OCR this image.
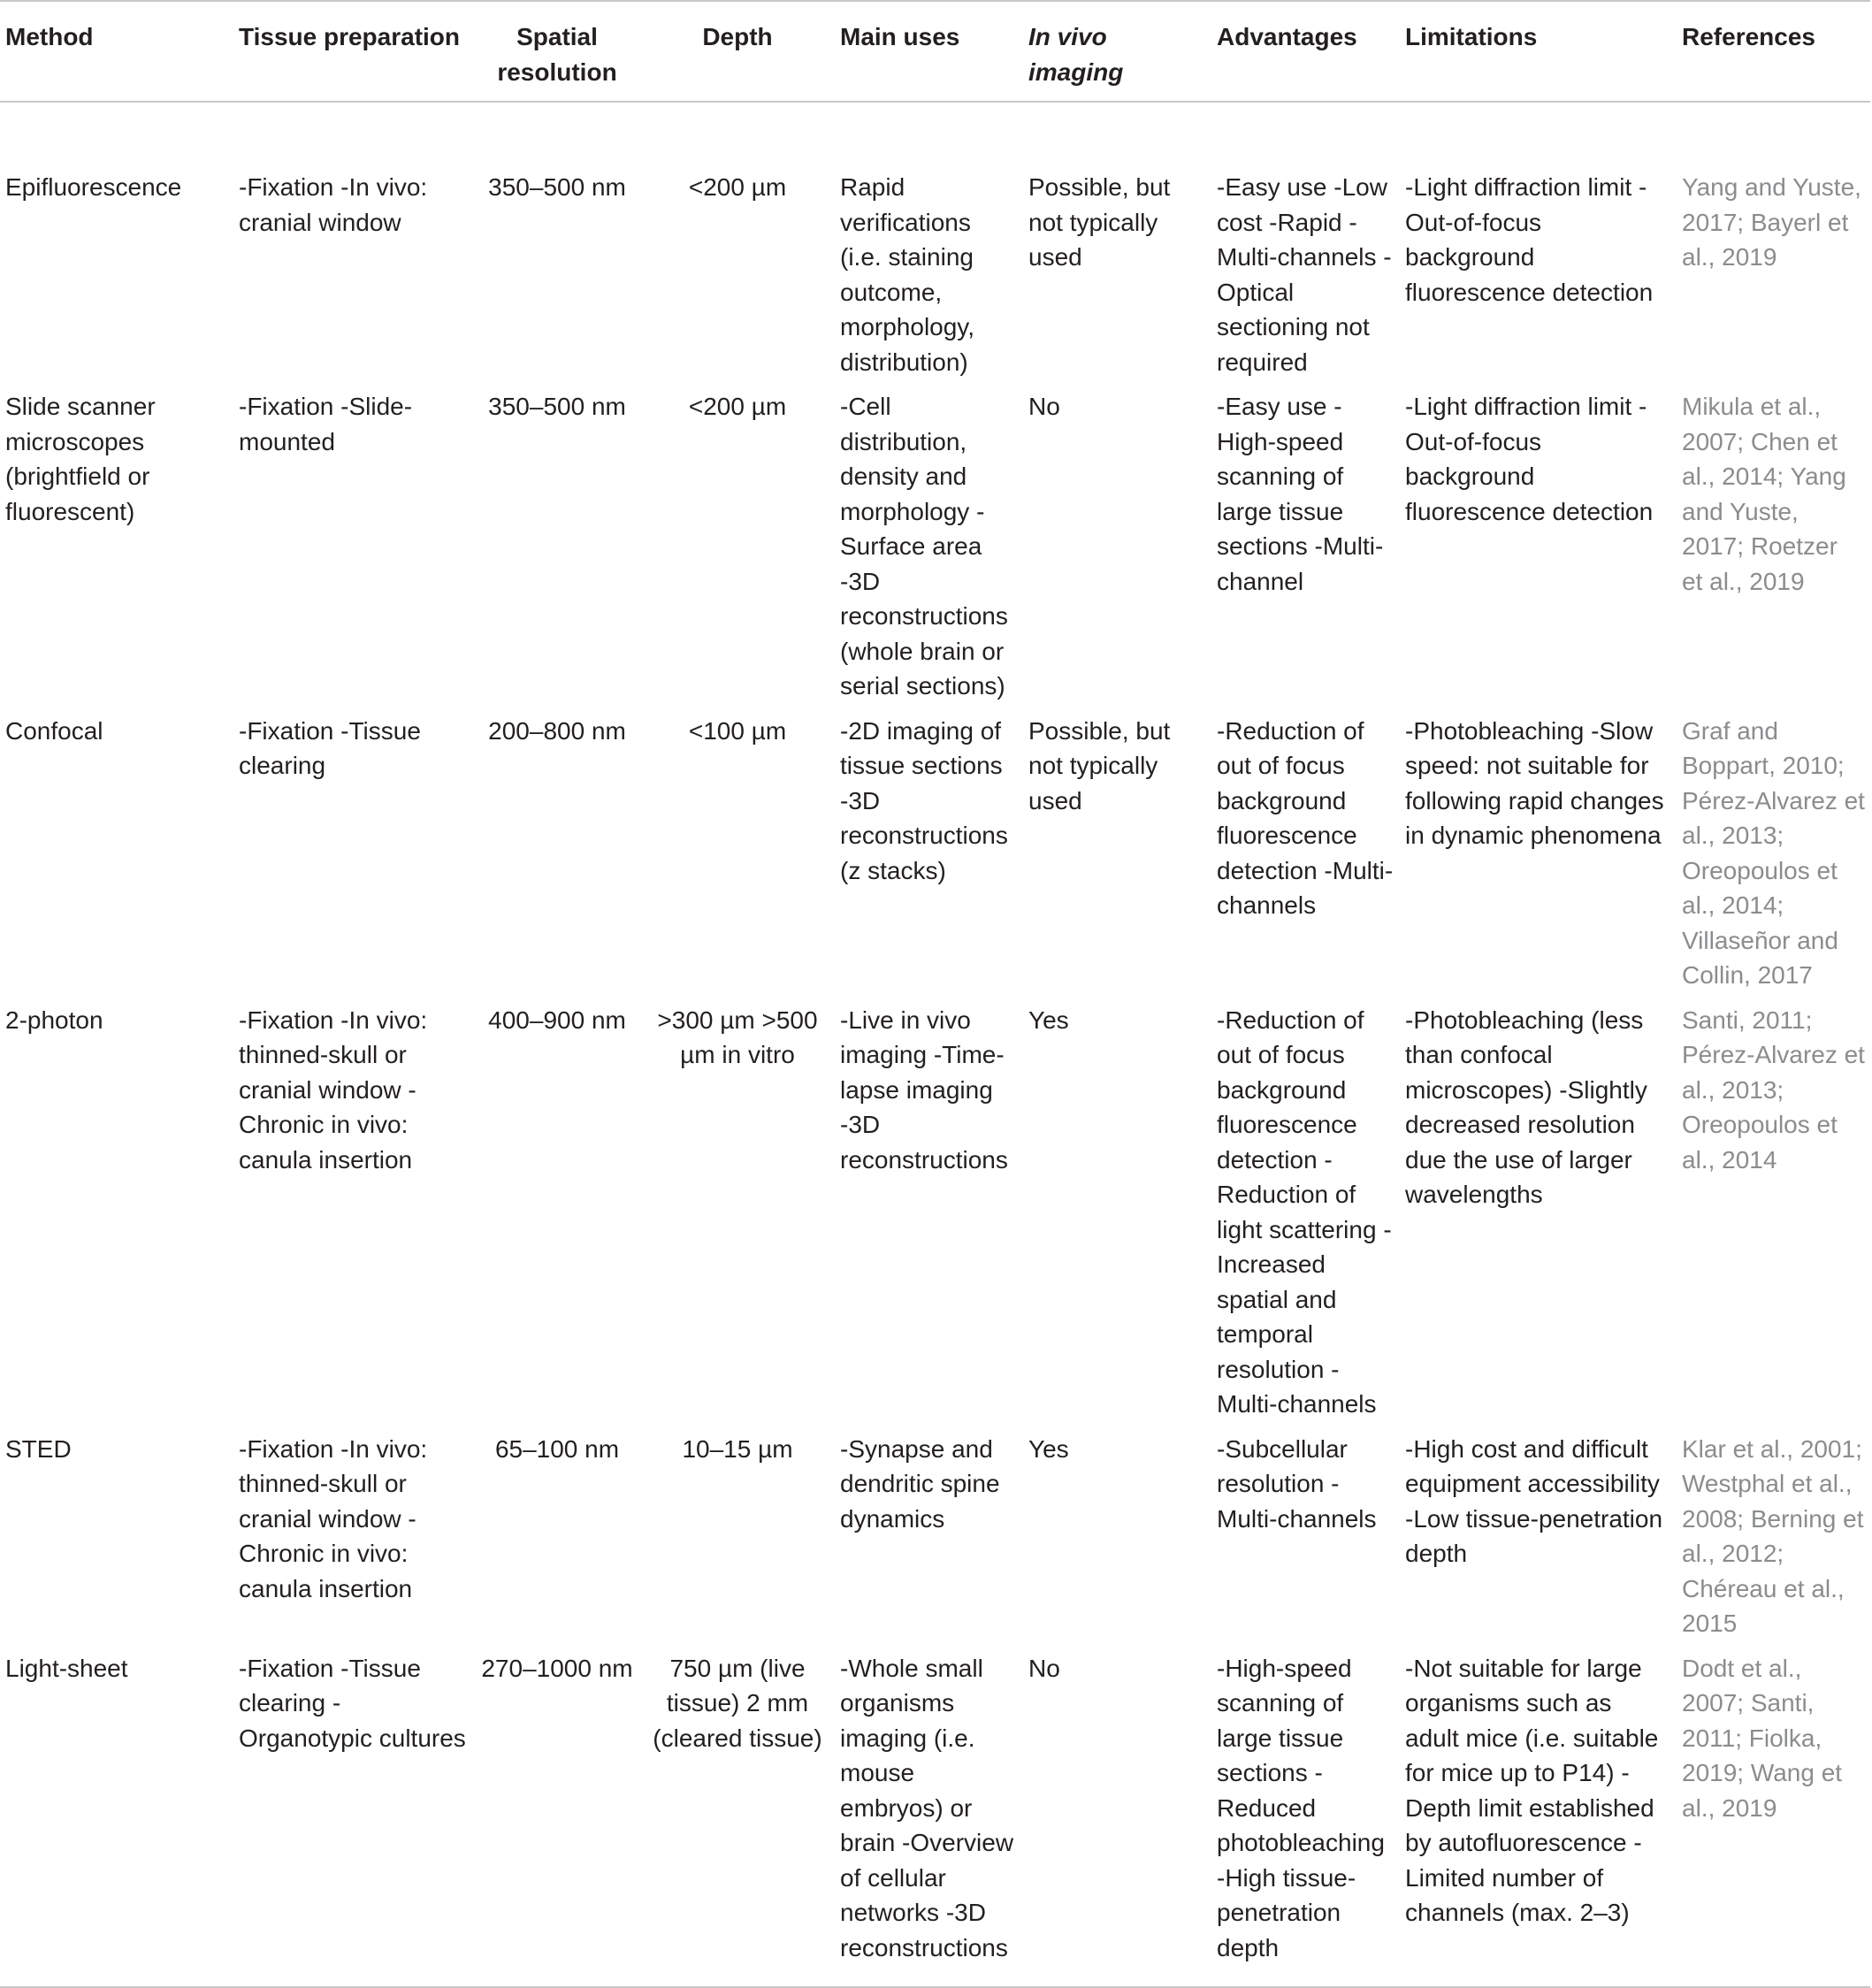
Method	Tissue preparation	Spatial resolution	Depth	Main uses	In vivo imaging	Advantages	Limitations	References
Epifluorescence	-Fixation -In vivo: cranial window	350–500 nm	<200 µm	Rapid verifications (i.e. staining outcome, morphology, distribution)	Possible, but not typically used	-Easy use -Low cost -Rapid -Multi-channels -Optical sectioning not required	-Light diffraction limit -Out-of-focus background fluorescence detection	Yang and Yuste, 2017; Bayerl et al., 2019
Slide scanner microscopes (brightfield or fluorescent)	-Fixation -Slide-mounted	350–500 nm	<200 µm	-Cell distribution, density and morphology -Surface area -3D reconstructions (whole brain or serial sections)	No	-Easy use -High-speed scanning of large tissue sections -Multi-channel	-Light diffraction limit -Out-of-focus background fluorescence detection	Mikula et al., 2007; Chen et al., 2014; Yang and Yuste, 2017; Roetzer et al., 2019
Confocal	-Fixation -Tissue clearing	200–800 nm	<100 µm	-2D imaging of tissue sections -3D reconstructions (z stacks)	Possible, but not typically used	-Reduction of out of focus background fluorescence detection -Multi-channels	-Photobleaching -Slow speed: not suitable for following rapid changes in dynamic phenomena	Graf and Boppart, 2010; Pérez-Alvarez et al., 2013; Oreopoulos et al., 2014; Villaseñor and Collin, 2017
2-photon	-Fixation -In vivo: thinned-skull or cranial window -Chronic in vivo: canula insertion	400–900 nm	>300 µm >500 µm in vitro	-Live in vivo imaging -Time-lapse imaging -3D reconstructions	Yes	-Reduction of out of focus background fluorescence detection -Reduction of light scattering -Increased spatial and temporal resolution -Multi-channels	-Photobleaching (less than confocal microscopes) -Slightly decreased resolution due the use of larger wavelengths	Santi, 2011; Pérez-Alvarez et al., 2013; Oreopoulos et al., 2014
STED	-Fixation -In vivo: thinned-skull or cranial window -Chronic in vivo: canula insertion	65–100 nm	10–15 µm	-Synapse and dendritic spine dynamics	Yes	-Subcellular resolution -Multi-channels	-High cost and difficult equipment accessibility -Low tissue-penetration depth	Klar et al., 2001; Westphal et al., 2008; Berning et al., 2012; Chéreau et al., 2015
Light-sheet	-Fixation -Tissue clearing -Organotypic cultures	270–1000 nm	750 µm (live tissue) 2 mm (cleared tissue)	-Whole small organisms imaging (i.e. mouse embryos) or brain -Overview of cellular networks -3D reconstructions	No	-High-speed scanning of large tissue sections -Reduced photobleaching -High tissue-penetration depth	-Not suitable for large organisms such as adult mice (i.e. suitable for mice up to P14) -Depth limit established by autofluorescence -Limited number of channels (max. 2–3)	Dodt et al., 2007; Santi, 2011; Fiolka, 2019; Wang et al., 2019
